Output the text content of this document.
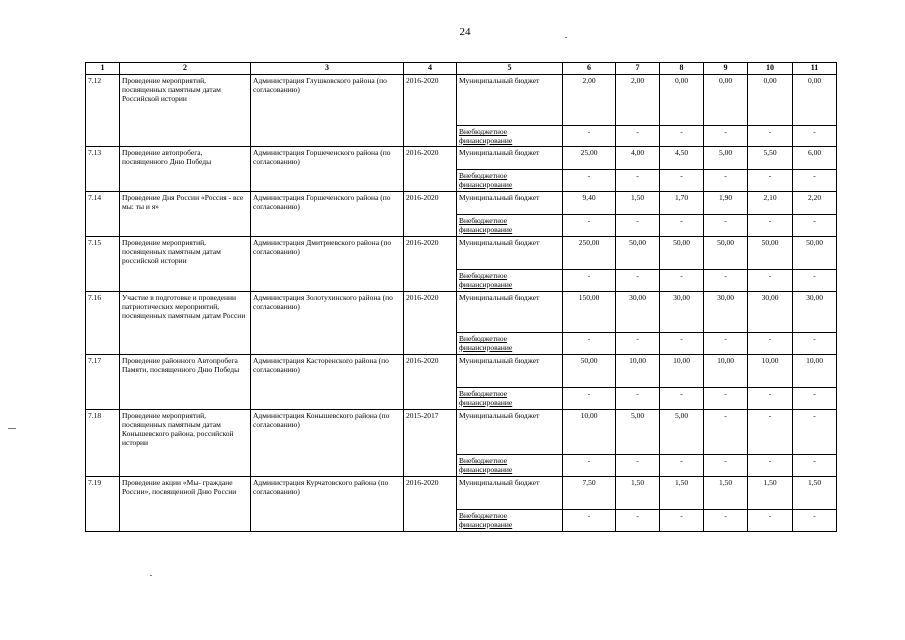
24
1	2	3	4	5	6	7	8	9	10	11
7.12	Проведение мероприятий, посвященных памятным датам Российской истории	Администрация Глушковского района (по согласованию)	2016-2020	Муниципальный бюджет	2,00	2,00	0,00	0,00	0,00	0,00
				Внебюджетное финансирование	-	-	-	-	-	-
7.13	Проведение автопробега, посвященного Дню Победы	Администрация Горшеченского района (по согласованию)	2016-2020	Муниципальный бюджет	25,00	4,00	4,50	5,00	5,50	6,00
				Внебюджетное финансирование	-	-	-	-	-	-
7.14	Проведение Дня России «Россия - все мы: ты и я»	Администрация Горшеченского района (по согласованию)	2016-2020	Муниципальный бюджет	9,40	1,50	1,70	1,90	2,10	2,20
				Внебюджетное финансирование	-	-	-	-	-	-
7.15	Проведение мероприятий, посвященных памятным датам российской истории	Администрация Дмитриевского района (по согласованию)	2016-2020	Муниципальный бюджет	250,00	50,00	50,00	50,00	50,00	50,00
				Внебюджетное финансирование	-	-	-	-	-	-
7.16	Участие в подготовке и проведении патриотических мероприятий, посвященных памятным датам России	Администрация Золотухинского района (по согласованию)	2016-2020	Муниципальный бюджет	150,00	30,00	30,00	30,00	30,00	30,00
				Внебюджетное финансирование	-	-	-	-	-	-
7.17	Проведение районного Автопробега Памяти, посвященного Дню Победы	Администрация Касторенского района (по согласованию)	2016-2020	Муниципальный бюджет	50,00	10,00	10,00	10,00	10,00	10,00
				Внебюджетное финансирование	-	-	-	-	-	-
7.18	Проведение мероприятий, посвященных памятным датам Конышевского района, российской истории	Администрация Конышевского района (по согласованию)	2015-2017	Муниципальный бюджет	10,00	5,00	5,00	-	-	-
				Внебюджетное финансирование	-	-	-	-	-	-
7.19	Проведение акции «Мы- граждане России», посвященной Дню России	Администрация Курчатовского района (по согласованию)	2016-2020	Муниципальный бюджет	7,50	1,50	1,50	1,50	1,50	1,50
				Внебюджетное финансирование	-	-	-	-	-	-
